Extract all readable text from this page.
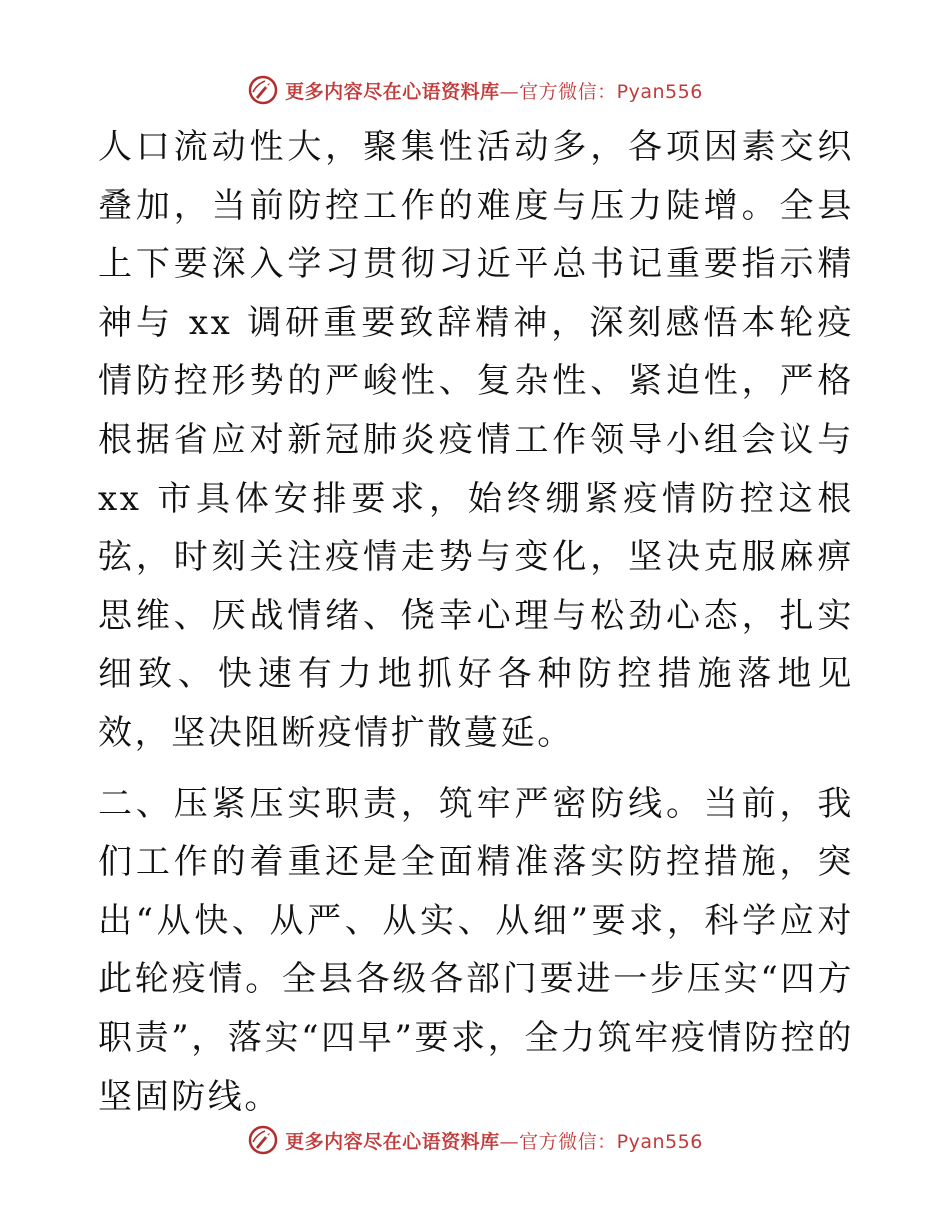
更多内容尽在心语资料库—官方微信：Pyan556

人口流动性大，聚集性活动多，各项因素交织叠加，当前防控工作的难度与压力陡增。全县上下要深入学习贯彻习近平总书记重要指示精神与 xx 调研重要致辞精神，深刻感悟本轮疫情防控形势的严峻性、复杂性、紧迫性，严格根据省应对新冠肺炎疫情工作领导小组会议与 xx 市具体安排要求，始终绷紧疫情防控这根弦，时刻关注疫情走势与变化，坚决克服麻痹思维、厌战情绪、侥幸心理与松劲心态，扎实细致、快速有力地抓好各种防控措施落地见效，坚决阻断疫情扩散蔓延。

二、压紧压实职责，筑牢严密防线。当前，我们工作的着重还是全面精准落实防控措施，突出“从快、从严、从实、从细”要求，科学应对此轮疫情。全县各级各部门要进一步压实“四方职责”，落实“四早”要求，全力筑牢疫情防控的坚固防线。

更多内容尽在心语资料库—官方微信：Pyan556
